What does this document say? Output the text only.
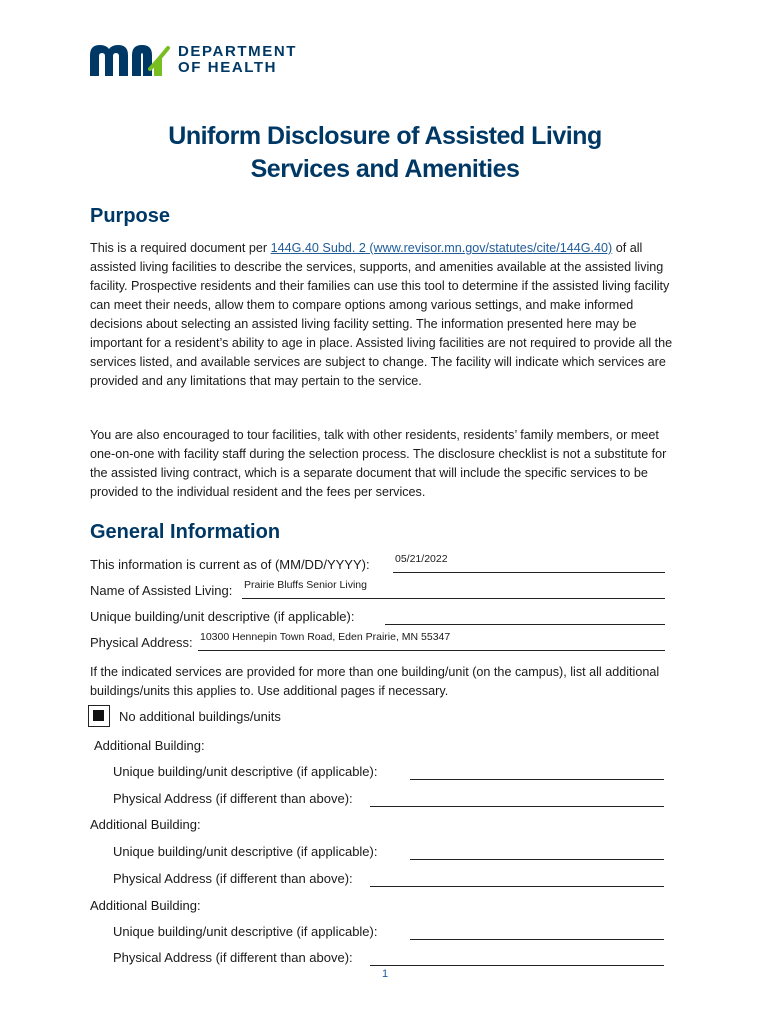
DEPARTMENT
OF HEALTH
Uniform Disclosure of Assisted Living
Services and Amenities
Purpose

This is a required document per 144G.40 Subd. 2 (www.revisor.mn.gov/statutes/cite/144G.40) of all assisted living facilities to describe the services, supports, and amenities available at the assisted living facility. Prospective residents and their families can use this tool to determine if the assisted living facility can meet their needs, allow them to compare options among various settings, and make informed decisions about selecting an assisted living facility setting. The information presented here may be important for a resident’s ability to age in place. Assisted living facilities are not required to provide all the services listed, and available services are subject to change. The facility will indicate which services are provided and any limitations that may pertain to the service.

You are also encouraged to tour facilities, talk with other residents, residents’ family members, or meet one-on-one with facility staff during the selection process. The disclosure checklist is not a substitute for the assisted living contract, which is a separate document that will include the specific services to be provided to the individual resident and the fees per services.

General Information
This information is current as of (MM/DD/YYYY): 05/21/2022
Name of Assisted Living: Prairie Bluffs Senior Living
Unique building/unit descriptive (if applicable):
Physical Address: 10300 Hennepin Town Road, Eden Prairie, MN 55347

If the indicated services are provided for more than one building/unit (on the campus), list all additional buildings/units this applies to. Use additional pages if necessary.

No additional buildings/units
Additional Building:
Unique building/unit descriptive (if applicable):
Physical Address (if different than above):
Additional Building:
Unique building/unit descriptive (if applicable):
Physical Address (if different than above):
Additional Building:
Unique building/unit descriptive (if applicable):
Physical Address (if different than above):
1
